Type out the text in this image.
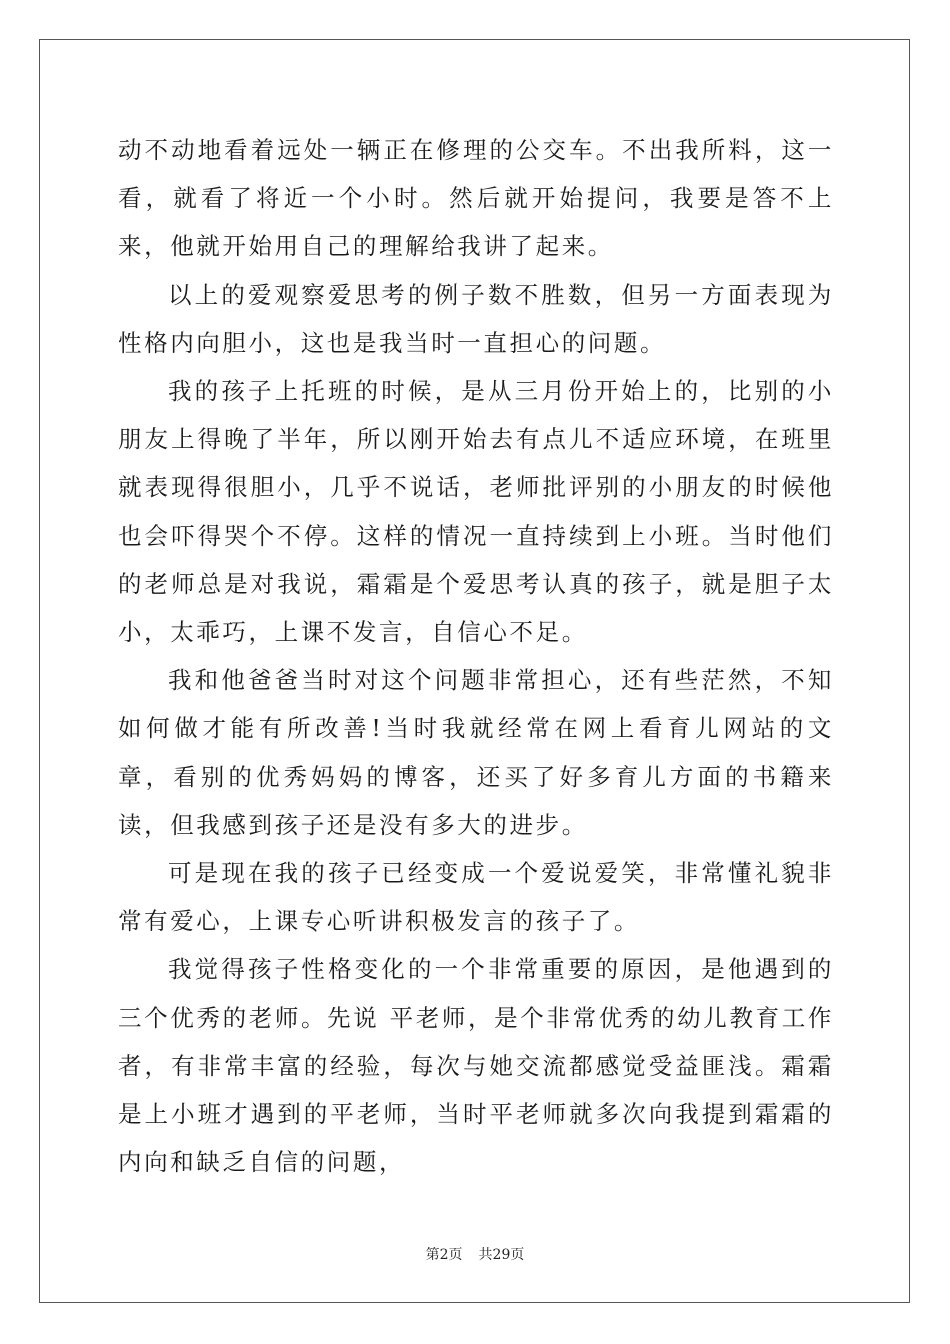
动不动地看着远处一辆正在修理的公交车。不出我所料，这一看，就看了将近一个小时。然后就开始提问，我要是答不上来，他就开始用自己的理解给我讲了起来。

以上的爱观察爱思考的例子数不胜数，但另一方面表现为性格内向胆小，这也是我当时一直担心的问题。

我的孩子上托班的时候，是从三月份开始上的，比别的小朋友上得晚了半年，所以刚开始去有点儿不适应环境，在班里就表现得很胆小，几乎不说话，老师批评别的小朋友的时候他也会吓得哭个不停。这样的情况一直持续到上小班。当时他们的老师总是对我说，霜霜是个爱思考认真的孩子，就是胆子太小，太乖巧，上课不发言，自信心不足。

我和他爸爸当时对这个问题非常担心，还有些茫然，不知如何做才能有所改善!当时我就经常在网上看育儿网站的文章，看别的优秀妈妈的博客，还买了好多育儿方面的书籍来读，但我感到孩子还是没有多大的进步。

可是现在我的孩子已经变成一个爱说爱笑，非常懂礼貌非常有爱心，上课专心听讲积极发言的孩子了。

我觉得孩子性格变化的一个非常重要的原因，是他遇到的三个优秀的老师。先说 平老师，是个非常优秀的幼儿教育工作者，有非常丰富的经验，每次与她交流都感觉受益匪浅。霜霜是上小班才遇到的平老师，当时平老师就多次向我提到霜霜的内向和缺乏自信的问题，

第2页 共29页
